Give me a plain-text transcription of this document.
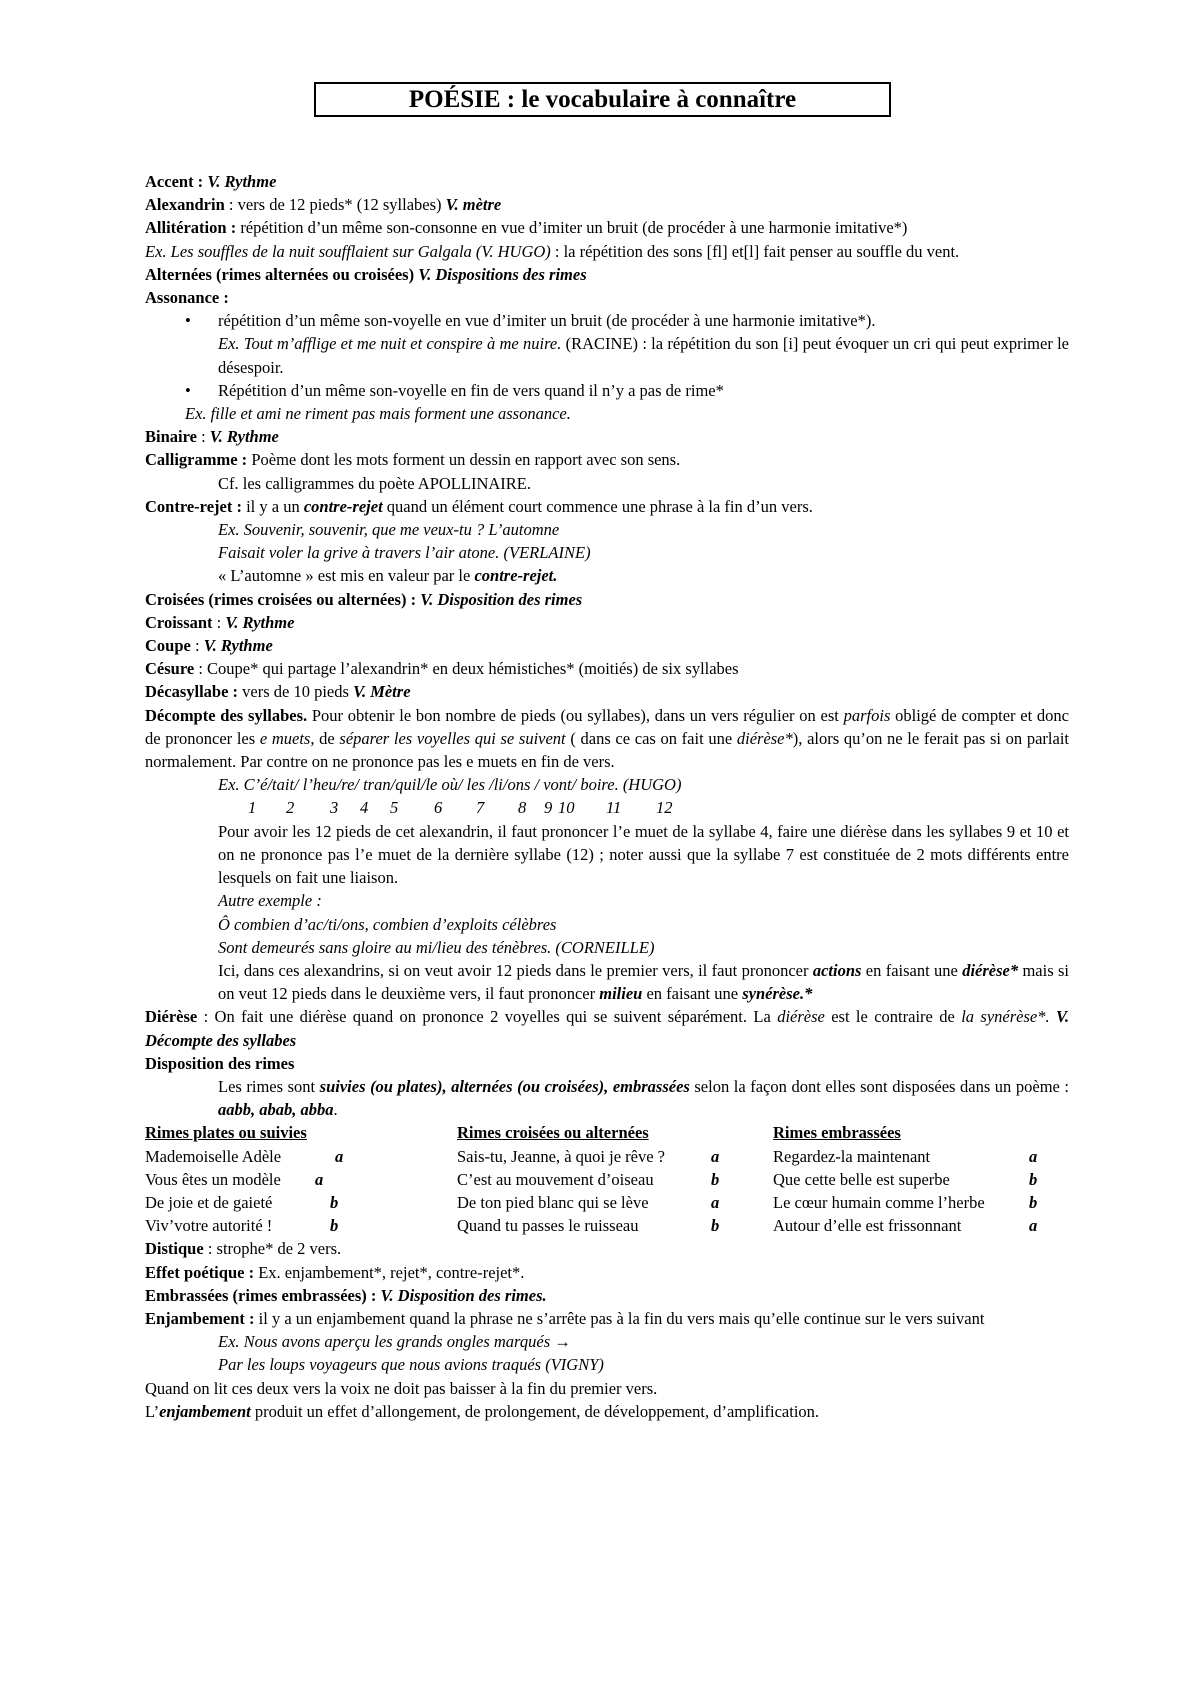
POÉSIE : le vocabulaire à connaître

Accent : V. Rythme

Alexandrin : vers de 12 pieds* (12 syllabes) V. mètre

Allitération : répétition d’un même son-consonne en vue d’imiter un bruit (de procéder à une harmonie imitative*)

Ex. Les souffles de la nuit soufflaient sur Galgala (V. HUGO) : la répétition des sons [fl] et[l] fait penser au souffle du vent.

Alternées (rimes alternées ou croisées) V. Dispositions des rimes

Assonance :

• répétition d’un même son-voyelle en vue d’imiter un bruit (de procéder à une harmonie imitative*).

Ex. Tout m’afflige et me nuit et conspire à me nuire. (RACINE) : la répétition du son [i] peut évoquer un cri qui peut exprimer le désespoir.

• Répétition d’un même son-voyelle en fin de vers quand il n’y a pas de rime*

Ex. fille et ami ne riment pas mais forment une assonance.

Binaire : V. Rythme

Calligramme : Poème dont les mots forment un dessin en rapport avec son sens.

Cf. les calligrammes du poète APOLLINAIRE.

Contre-rejet : il y a un contre-rejet quand un élément court commence une phrase à la fin d’un vers.

Ex. Souvenir, souvenir, que me veux-tu ? L’automne

Faisait voler la grive à travers l’air atone. (VERLAINE)

« L’automne » est mis en valeur par le contre-rejet.

Croisées (rimes croisées ou alternées) : V. Disposition des rimes

Croissant : V. Rythme

Coupe : V. Rythme

Césure : Coupe* qui partage l’alexandrin* en deux hémistiches* (moitiés) de six syllabes

Décasyllabe : vers de 10 pieds V. Mètre

Décompte des syllabes. Pour obtenir le bon nombre de pieds (ou syllabes), dans un vers régulier on est parfois obligé de compter et donc de prononcer les e muets, de séparer les voyelles qui se suivent ( dans ce cas on fait une diérèse*), alors qu’on ne le ferait pas si on parlait normalement. Par contre on ne prononce pas les e muets en fin de vers.

Ex. C’é/tait/ l’heu/re/ tran/quil/le où/ les /li/ons / vont/ boire. (HUGO)

1 2 3 4 5 6 7 8 9 10 11 12

Pour avoir les 12 pieds de cet alexandrin, il faut prononcer l’e muet de la syllabe 4, faire une diérèse dans les syllabes 9 et 10 et on ne prononce pas l’e muet de la dernière syllabe (12) ; noter aussi que la syllabe 7 est constituée de 2 mots différents entre lesquels on fait une liaison.

Autre exemple :

Ô combien d’ac/ti/ons, combien d’exploits célèbres

Sont demeurés sans gloire au mi/lieu des ténèbres. (CORNEILLE)

Ici, dans ces alexandrins, si on veut avoir 12 pieds dans le premier vers, il faut prononcer actions en faisant une diérèse* mais si on veut 12 pieds dans le deuxième vers, il faut prononcer milieu en faisant une synérèse.*

Diérèse : On fait une diérèse quand on prononce 2 voyelles qui se suivent séparément. La diérèse est le contraire de la synérèse*. V. Décompte des syllabes

Disposition des rimes

Les rimes sont suivies (ou plates), alternées (ou croisées), embrassées selon la façon dont elles sont disposées dans un poème : aabb, abab, abba.

Rimes plates ou suivies	Rimes croisées ou alternées	Rimes embrassées
Mademoiselle Adèle a	Sais-tu, Jeanne, à quoi je rêve ? a	Regardez-la maintenant a

Vous êtes un modèle a	C’est au mouvement d’oiseau b	Que cette belle est superbe b

De joie et de gaieté b	De ton pied blanc qui se lève a	Le cœur humain comme l’herbe b

Viv’votre autorité ! b	Quand tu passes le ruisseau b	Autour d’elle est frissonnant a

Distique : strophe* de 2 vers.

Effet poétique : Ex. enjambement*, rejet*, contre-rejet*.

Embrassées (rimes embrassées) : V. Disposition des rimes.

Enjambement : il y a un enjambement quand la phrase ne s’arrête pas à la fin du vers mais qu’elle continue sur le vers suivant

Ex. Nous avons aperçu les grands ongles marqués →

Par les loups voyageurs que nous avions traqués (VIGNY)

Quand on lit ces deux vers la voix ne doit pas baisser à la fin du premier vers.

L’enjambement produit un effet d’allongement, de prolongement, de développement, d’amplification.
